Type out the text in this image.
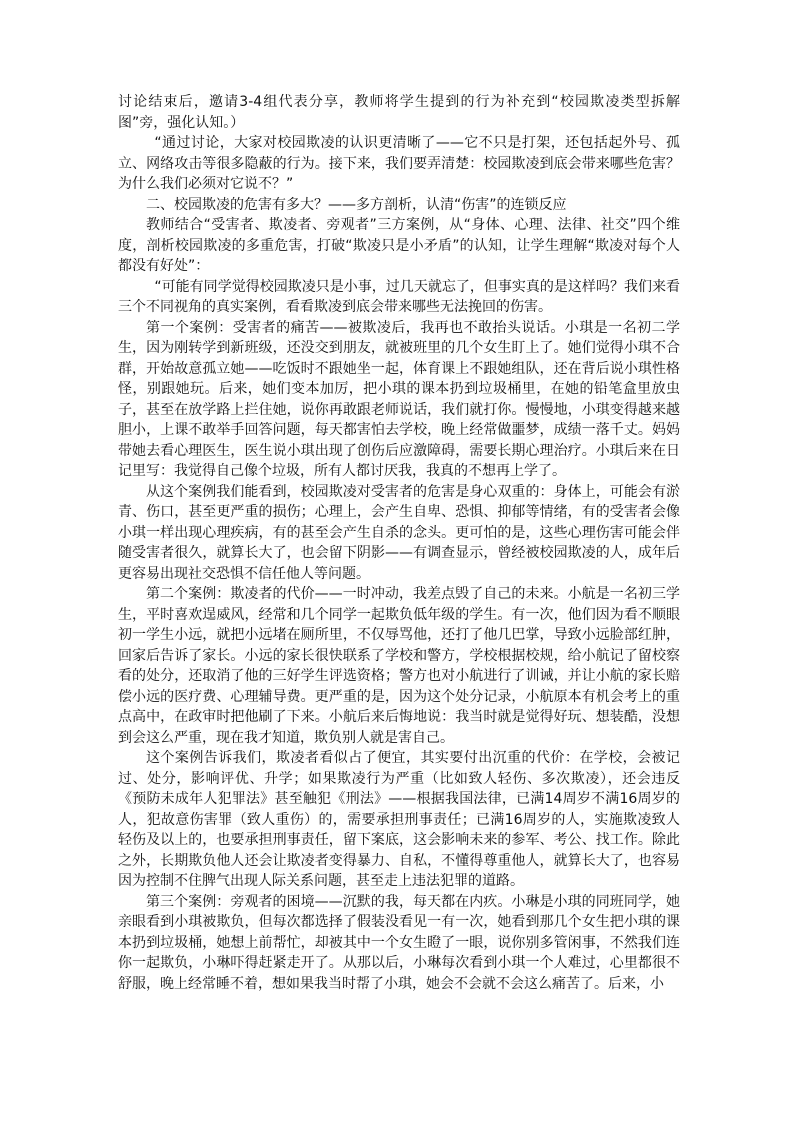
讨论结束后，邀请3-4组代表分享，教师将学生提到的行为补充到“校园欺凌类型拆解图”旁，强化认知。）

“通过讨论，大家对校园欺凌的认识更清晰了——它不只是打架，还包括起外号、孤立、网络攻击等很多隐蔽的行为。接下来，我们要弄清楚：校园欺凌到底会带来哪些危害？为什么我们必须对它说不？”

二、校园欺凌的危害有多大？——多方剖析，认清“伤害”的连锁反应

教师结合“受害者、欺凌者、旁观者”三方案例，从“身体、心理、法律、社交”四个维度，剖析校园欺凌的多重危害，打破“欺凌只是小矛盾”的认知，让学生理解“欺凌对每个人都没有好处”：

“可能有同学觉得校园欺凌只是小事，过几天就忘了，但事实真的是这样吗？我们来看三个不同视角的真实案例，看看欺凌到底会带来哪些无法挽回的伤害。

第一个案例：受害者的痛苦——被欺凌后，我再也不敢抬头说话。小琪是一名初二学生，因为刚转学到新班级，还没交到朋友，就被班里的几个女生盯上了。她们觉得小琪不合群，开始故意孤立她——吃饭时不跟她坐一起，体育课上不跟她组队，还在背后说小琪性格怪，别跟她玩。后来，她们变本加厉，把小琪的课本扔到垃圾桶里，在她的铅笔盒里放虫子，甚至在放学路上拦住她，说你再敢跟老师说话，我们就打你。慢慢地，小琪变得越来越胆小，上课不敢举手回答问题，每天都害怕去学校，晚上经常做噩梦，成绩一落千丈。妈妈带她去看心理医生，医生说小琪出现了创伤后应激障碍，需要长期心理治疗。小琪后来在日记里写：我觉得自己像个垃圾，所有人都讨厌我，我真的不想再上学了。

从这个案例我们能看到，校园欺凌对受害者的危害是身心双重的：身体上，可能会有淤青、伤口，甚至更严重的损伤；心理上，会产生自卑、恐惧、抑郁等情绪，有的受害者会像小琪一样出现心理疾病，有的甚至会产生自杀的念头。更可怕的是，这些心理伤害可能会伴随受害者很久，就算长大了，也会留下阴影——有调查显示，曾经被校园欺凌的人，成年后更容易出现社交恐惧不信任他人等问题。

第二个案例：欺凌者的代价——一时冲动，我差点毁了自己的未来。小航是一名初三学生，平时喜欢逞威风，经常和几个同学一起欺负低年级的学生。有一次，他们因为看不顺眼初一学生小远，就把小远堵在厕所里，不仅辱骂他，还打了他几巴掌，导致小远脸部红肿，回家后告诉了家长。小远的家长很快联系了学校和警方，学校根据校规，给小航记了留校察看的处分，还取消了他的三好学生评选资格；警方也对小航进行了训诫，并让小航的家长赔偿小远的医疗费、心理辅导费。更严重的是，因为这个处分记录，小航原本有机会考上的重点高中，在政审时把他刷了下来。小航后来后悔地说：我当时就是觉得好玩、想装酷，没想到会这么严重，现在我才知道，欺负别人就是害自己。

这个案例告诉我们，欺凌者看似占了便宜，其实要付出沉重的代价：在学校，会被记过、处分，影响评优、升学；如果欺凌行为严重（比如致人轻伤、多次欺凌），还会违反《预防未成年人犯罪法》甚至触犯《刑法》——根据我国法律，已满14周岁不满16周岁的人，犯故意伤害罪（致人重伤）的，需要承担刑事责任；已满16周岁的人，实施欺凌致人轻伤及以上的，也要承担刑事责任，留下案底，这会影响未来的参军、考公、找工作。除此之外，长期欺负他人还会让欺凌者变得暴力、自私，不懂得尊重他人，就算长大了，也容易因为控制不住脾气出现人际关系问题，甚至走上违法犯罪的道路。

第三个案例：旁观者的困境——沉默的我，每天都在内疚。小琳是小琪的同班同学，她亲眼看到小琪被欺负，但每次都选择了假装没看见一有一次，她看到那几个女生把小琪的课本扔到垃圾桶，她想上前帮忙，却被其中一个女生瞪了一眼，说你别多管闲事，不然我们连你一起欺负，小琳吓得赶紧走开了。从那以后，小琳每次看到小琪一个人难过，心里都很不舒服，晚上经常睡不着，想如果我当时帮了小琪，她会不会就不会这么痛苦了。后来，小
